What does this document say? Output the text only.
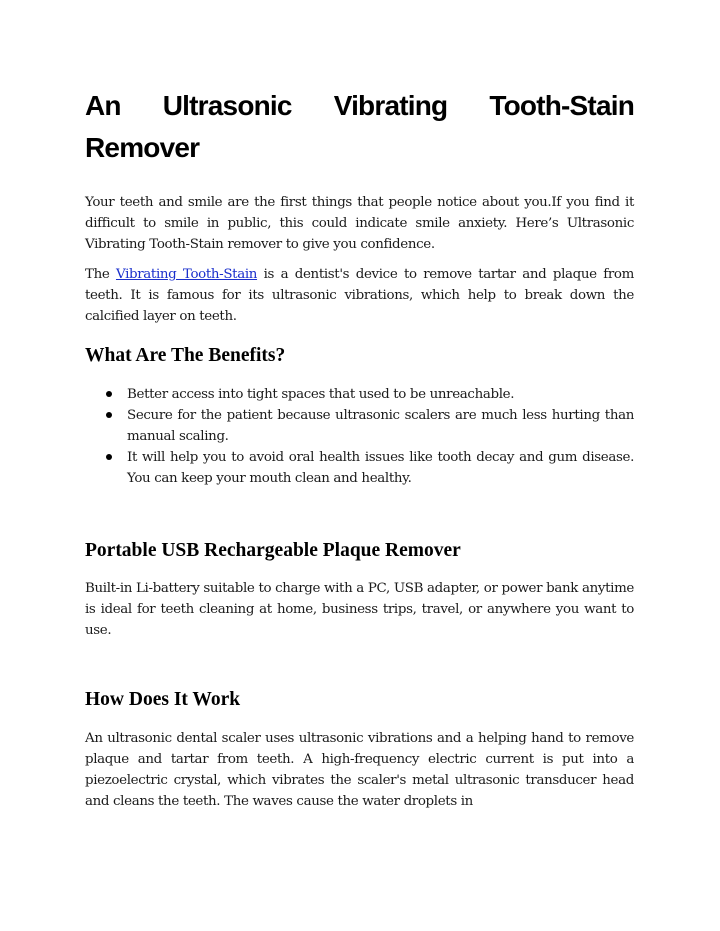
An Ultrasonic Vibrating Tooth-Stain Remover

Your teeth and smile are the first things that people notice about you.If you find it difficult to smile in public, this could indicate smile anxiety. Here’s Ultrasonic Vibrating Tooth-Stain remover to give you confidence.

The Vibrating Tooth-Stain is a dentist's device to remove tartar and plaque from teeth. It is famous for its ultrasonic vibrations, which help to break down the calcified layer on teeth.

What Are The Benefits?
Better access into tight spaces that used to be unreachable.
Secure for the patient because ultrasonic scalers are much less hurting than manual scaling.
It will help you to avoid oral health issues like tooth decay and gum disease. You can keep your mouth clean and healthy.
Portable USB Rechargeable Plaque Remover

Built-in Li-battery suitable to charge with a PC, USB adapter, or power bank anytime is ideal for teeth cleaning at home, business trips, travel, or anywhere you want to use.

How Does It Work

An ultrasonic dental scaler uses ultrasonic vibrations and a helping hand to remove plaque and tartar from teeth. A high-frequency electric current is put into a piezoelectric crystal, which vibrates the scaler's metal ultrasonic transducer head and cleans the teeth. The waves cause the water droplets in
